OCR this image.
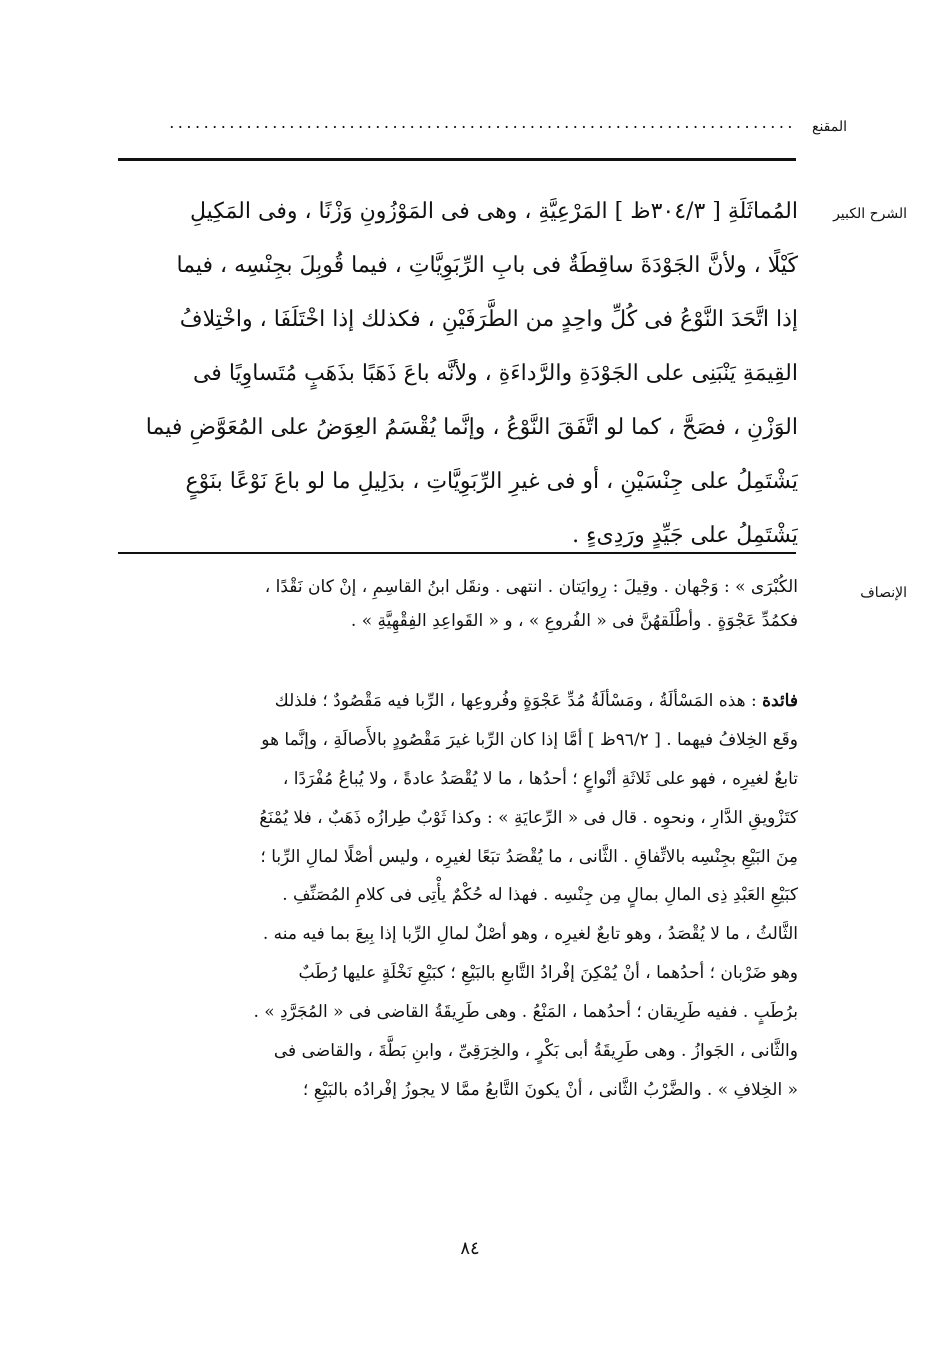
المقنع
.........................................................................
الشرح الكبير
المُماثَلَةِ [ ٣٠٤/٣ظ ] المَرْعِيَّةِ ، وهى فى المَوْزُونِ وَزْنًا ، وفى المَكِيلِ
كَيْلًا ، ولأنَّ الجَوْدَةَ ساقِطَةٌ فى بابِ الرِّبَوِيَّاتِ ، فيما قُوبِلَ بجِنْسِه ، فيما
إذا اتَّحَدَ النَّوْعُ فى كُلِّ واحِدٍ من الطَّرَفَيْنِ ، فكذلك إذا اخْتَلَفَا ، واخْتِلافُ
القِيمَةِ يَنْبَنِى على الجَوْدَةِ والرَّداءَةِ ، ولأنَّه باعَ ذَهَبًا بذَهَبٍ مُتَساوِيًا فى
الوَزْنِ ، فصَحَّ ، كما لو اتَّفَقَ النَّوْعُ ، وإنَّما يُقْسَمُ العِوَضُ على المُعَوَّضِ فيما
يَشْتَمِلُ على جِنْسَيْنِ ، أو فى غيرِ الرِّبَوِيَّاتِ ، بدَلِيلِ ما لو باعَ نَوْعًا بنَوْعٍ
يَشْتَمِلُ على جَيِّدٍ ورَدِىءٍ .
الإنصاف
الكُبْرَى » : وَجْهان . وقِيلَ : رِوايَتان . انتهى . ونقَل ابنُ القاسِمِ ، إنْ كان نَقْدًا ،
فكمُدِّ عَجْوَةٍ . وأطْلَقهُنَّ فى « الفُروعِ » ، و « القَواعِدِ الفِقْهِيَّةِ » .
فائدة : هذه المَسْألَةُ ، ومَسْألَةُ مُدِّ عَجْوَةٍ وفُروعِها ، الرِّبا فيه مَقْصُودٌ ؛ فلذلك
وقَع الخِلافُ فيهما . [ ٩٦/٢ظ ] أمَّا إذا كان الرِّبا غيرَ مَقْصُودٍ بالأَصالَةِ ، وإنَّما هو
تابعٌ لغيرِه ، فهو على ثَلاثَةِ أنْواعٍ ؛ أحدُها ، ما لا يُقْصَدُ عادةً ، ولا يُباعُ مُفْرَدًا ،
كتَزْويقِ الدَّارِ ، ونحوِه . قال فى « الرِّعايَةِ » : وكذا ثَوْبٌ طِرازُه ذَهَبٌ ، فلا يُمْنَعُ
مِنَ البَيْعِ بجِنْسِه بالاتِّفاقِ . الثَّانى ، ما يُقْصَدُ تبَعًا لغيرِه ، وليس أصْلًا لمالِ الرِّبا ؛
كبَيْعِ العَبْدِ ذِى المالِ بمالٍ مِن جِنْسِه . فهذا له حُكْمٌ يأْتِى فى كلامِ المُصَنِّفِ .
الثَّالثُ ، ما لا يُقْصَدُ ، وهو تابعٌ لغيرِه ، وهو أصْلٌ لمالِ الرِّبا إذا بِيعَ بما فيه منه .
وهو ضَرْبان ؛ أحدُهما ، أنْ يُمْكِنَ إفْرادُ التَّابعِ بالبَيْعِ ؛ كبَيْعِ نَخْلَةٍ عليها رُطَبٌ
برُطَبٍ . ففيه طَرِيقان ؛ أحدُهما ، المَنْعُ . وهى طَرِيقَةُ القاضى فى « المُجَرَّدِ » .
والثَّانى ، الجَوازُ . وهى طَرِيقَةُ أبى بَكْرٍ ، والخِرَقِىِّ ، وابنِ بَطَّةَ ، والقاضى فى
« الخِلافِ » . والضَّرْبُ الثَّانى ، أنْ يكونَ التَّابعُ ممَّا لا يجوزُ إفْرادُه بالبَيْعِ ؛
٨٤
